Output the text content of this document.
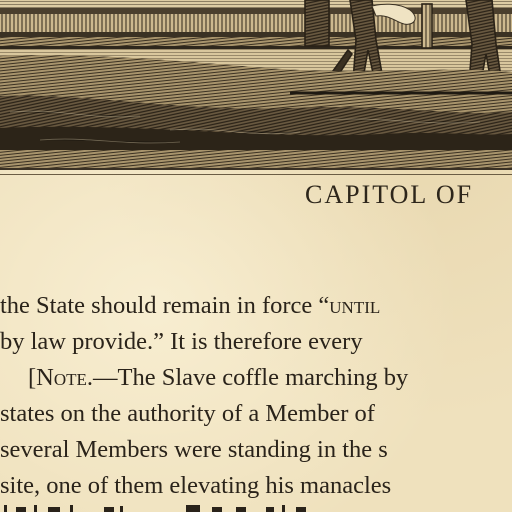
CAPITOL OF
the State should remain in force “until
by law provide.” It is therefore every
[Note.—The Slave coffle marching by
states on the authority of a Member of
several Members were standing in the s
site, one of them elevating his manacles
